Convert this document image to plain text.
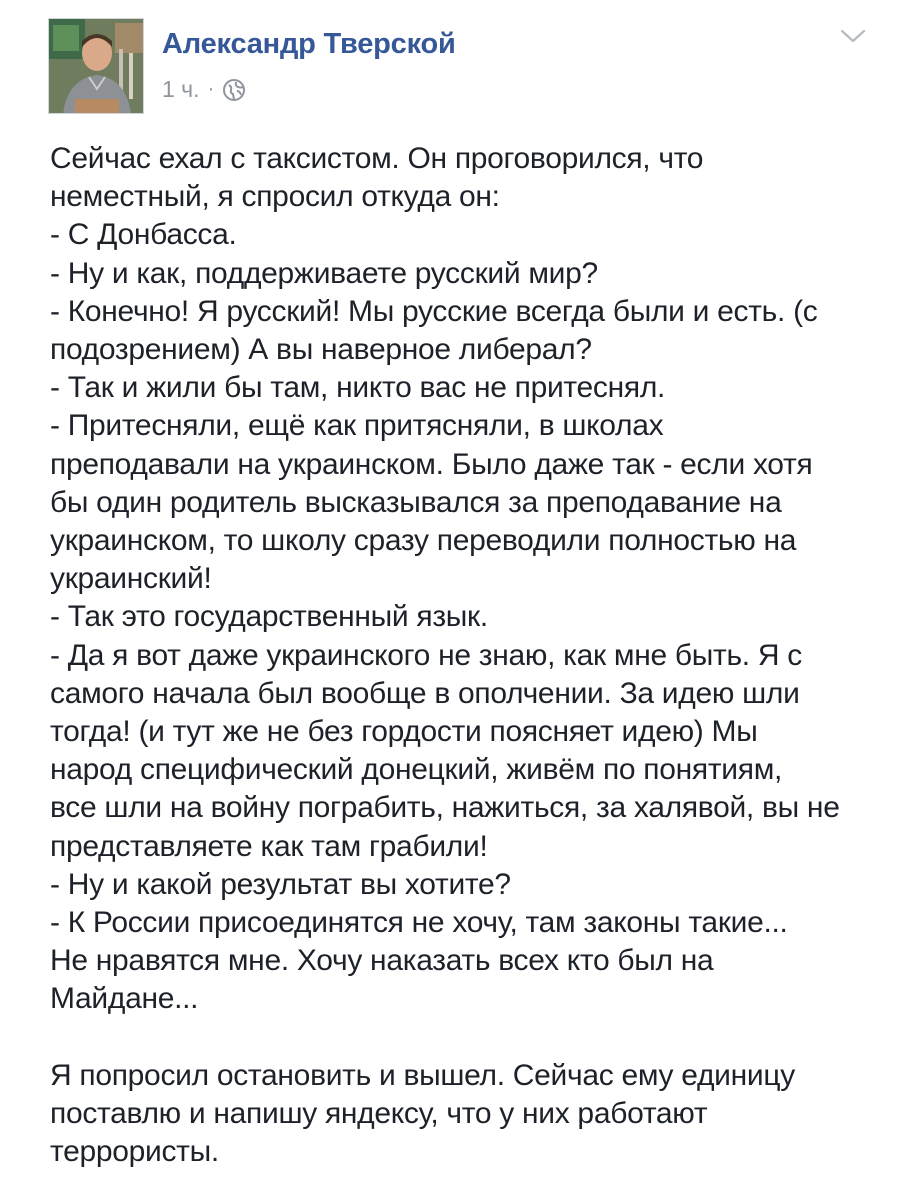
Александр Тверской
1 ч. ·
Сейчас ехал с таксистом. Он проговорился, что
неместный, я спросил откуда он:
- С Донбасса.
- Ну и как, поддерживаете русский мир?
- Конечно! Я русский! Мы русские всегда были и есть. (с
подозрением) А вы наверное либерал?
- Так и жили бы там, никто вас не притеснял.
- Притесняли, ещё как притясняли, в школах
преподавали на украинском. Было даже так - если хотя
бы один родитель высказывался за преподавание на
украинском, то школу сразу переводили полностью на
украинский!
- Так это государственный язык.
- Да я вот даже украинского не знаю, как мне быть. Я с
самого начала был вообще в ополчении. За идею шли
тогда! (и тут же не без гордости поясняет идею) Мы
народ специфический донецкий, живём по понятиям,
все шли на войну пограбить, нажиться, за халявой, вы не
представляете как там грабили!
- Ну и какой результат вы хотите?
- К России присоединятся не хочу, там законы такие...
Не нравятся мне. Хочу наказать всех кто был на
Майдане...
Я попросил остановить и вышел. Сейчас ему единицу
поставлю и напишу яндексу, что у них работают
террористы.
